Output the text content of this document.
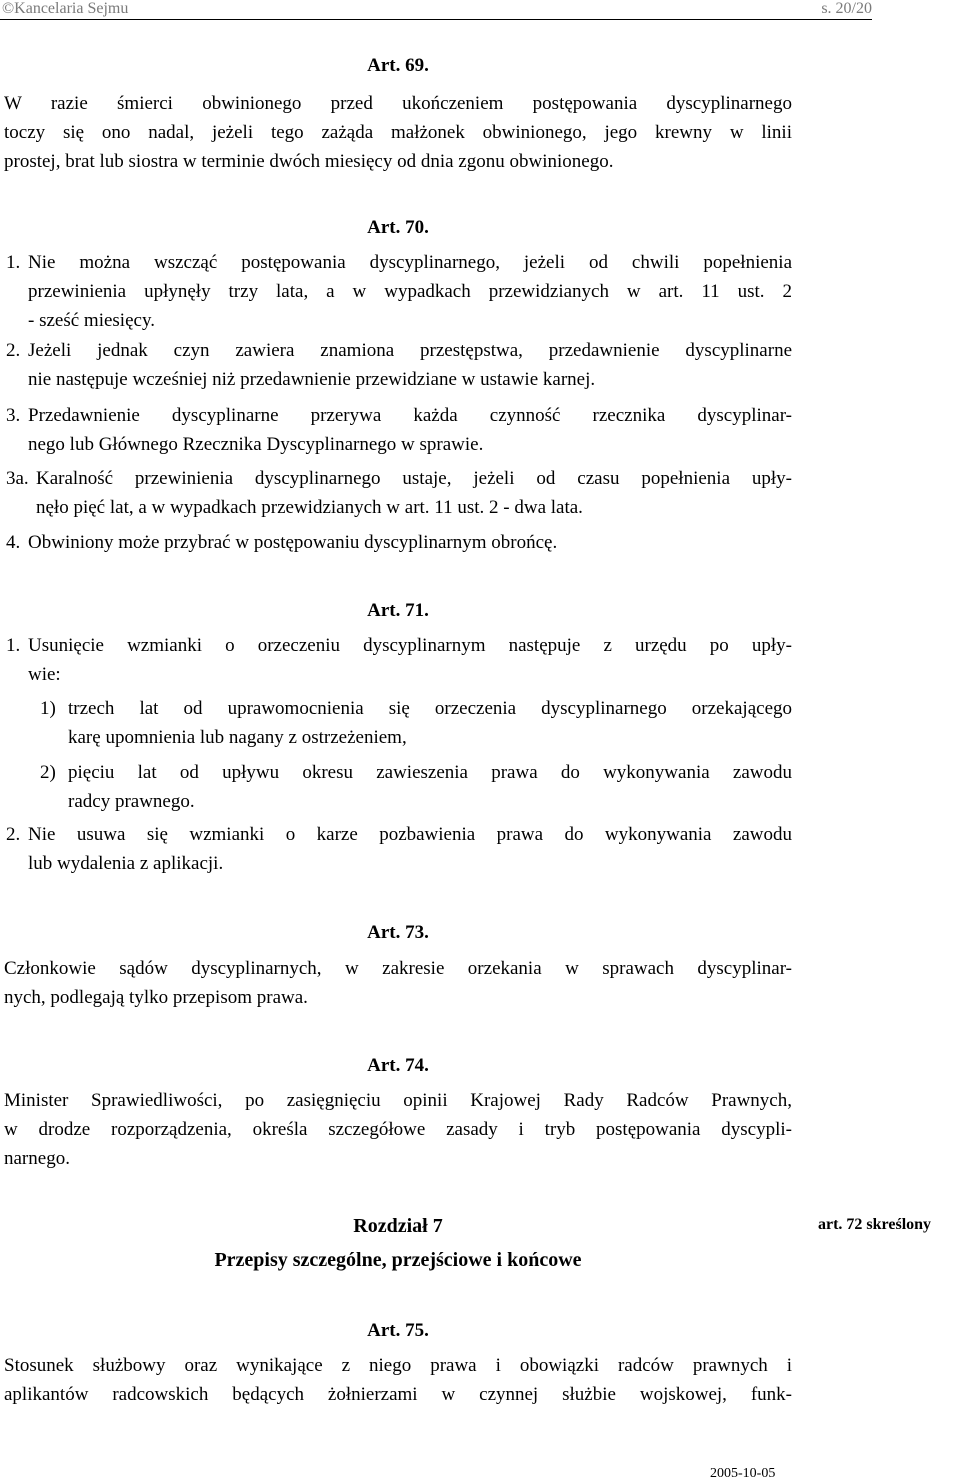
©Kancelaria Sejmu	s. 20/20
Art. 69.
W razie śmierci obwinionego przed ukończeniem postępowania dyscyplinarnego
toczy się ono nadal, jeżeli tego zażąda małżonek obwinionego, jego krewny w linii
prostej, brat lub siostra w terminie dwóch miesięcy od dnia zgonu obwinionego.
Art. 70.
1. Nie można wszcząć postępowania dyscyplinarnego, jeżeli od chwili popełnienia
przewinienia upłynęły trzy lata, a w wypadkach przewidzianych w art. 11 ust. 2
- sześć miesięcy.
2. Jeżeli jednak czyn zawiera znamiona przestępstwa, przedawnienie dyscyplinarne
nie następuje wcześniej niż przedawnienie przewidziane w ustawie karnej.
3. Przedawnienie dyscyplinarne przerywa każda czynność rzecznika dyscyplinar-
nego lub Głównego Rzecznika Dyscyplinarnego w sprawie.
3a. Karalność przewinienia dyscyplinarnego ustaje, jeżeli od czasu popełnienia upły-
nęło pięć lat, a w wypadkach przewidzianych w art. 11 ust. 2 - dwa lata.
4. Obwiniony może przybrać w postępowaniu dyscyplinarnym obrońcę.
Art. 71.
1. Usunięcie wzmianki o orzeczeniu dyscyplinarnym następuje z urzędu po upły-
wie:
1) trzech lat od uprawomocnienia się orzeczenia dyscyplinarnego orzekającego
karę upomnienia lub nagany z ostrzeżeniem,
2) pięciu lat od upływu okresu zawieszenia prawa do wykonywania zawodu
radcy prawnego.
2. Nie usuwa się wzmianki o karze pozbawienia prawa do wykonywania zawodu
lub wydalenia z aplikacji.
Art. 73.
Członkowie sądów dyscyplinarnych, w zakresie orzekania w sprawach dyscyplinar-
nych, podlegają tylko przepisom prawa.
Art. 74.
Minister Sprawiedliwości, po zasięgnięciu opinii Krajowej Rady Radców Prawnych,
w drodze rozporządzenia, określa szczegółowe zasady i tryb postępowania dyscypli-
narnego.
Rozdział 7
Przepisy szczególne, przejściowe i końcowe
art. 72 skreślony
Art. 75.
Stosunek służbowy oraz wynikające z niego prawa i obowiązki radców prawnych i
aplikantów radcowskich będących żołnierzami w czynnej służbie wojskowej, funk-
2005-10-05
